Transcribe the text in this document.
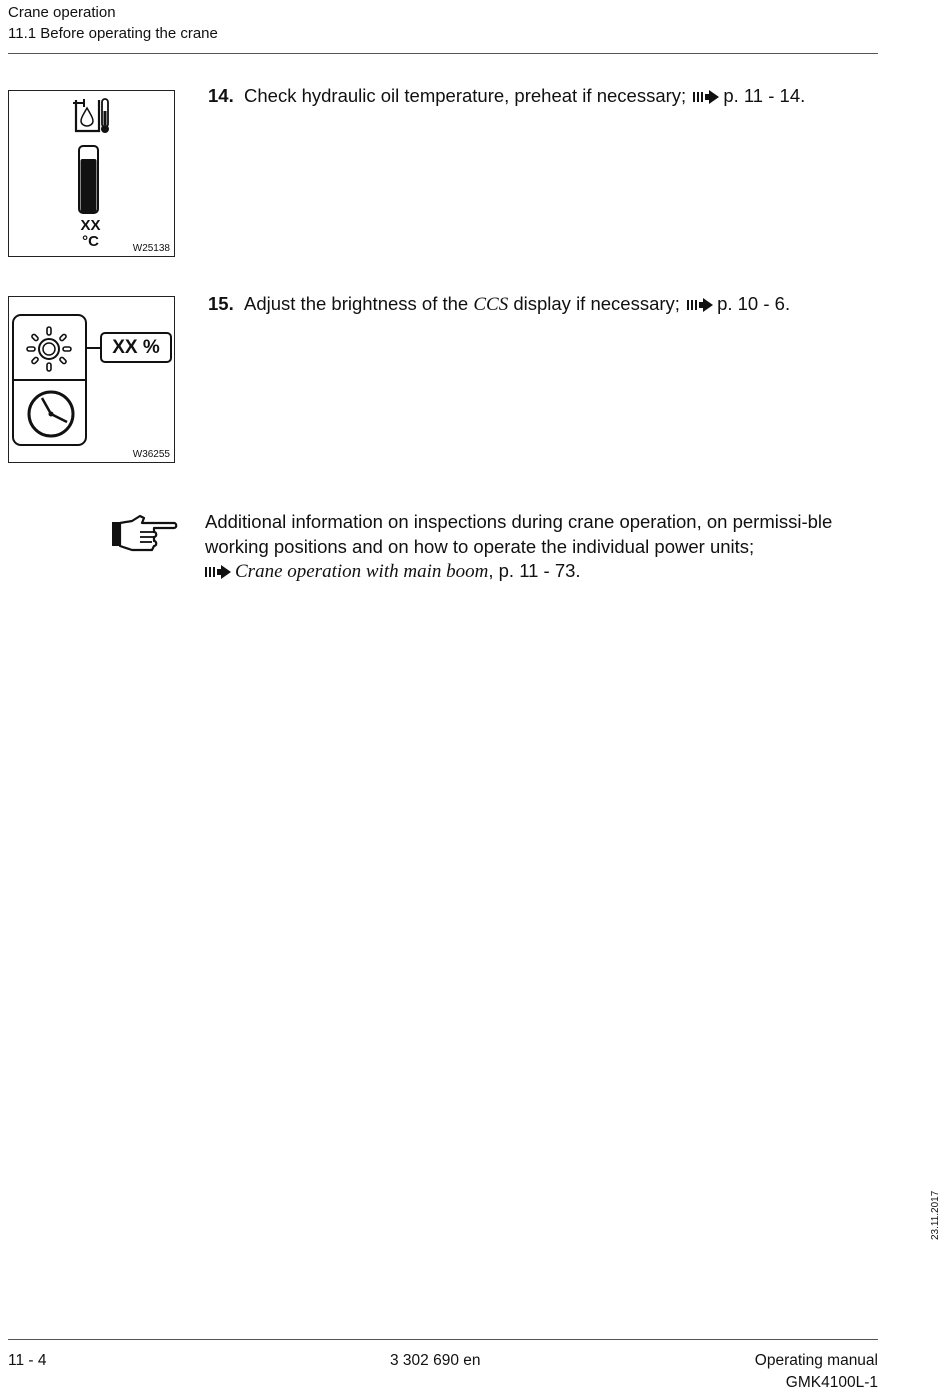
Crane operation
11.1 Before operating the crane
XX
°C	W25138
14. Check hydraulic oil temperature, preheat if necessary; p. 11 - 14.
XX %
W36255
15. Adjust the brightness of the CCS display if necessary; p. 10 - 6.
Additional information on inspections during crane operation, on permissi-ble working positions and on how to operate the individual power units;
Crane operation with main boom, p. 11 - 73.
23.11.2017
11 - 4	3 302 690 en	Operating manual
GMK4100L-1
